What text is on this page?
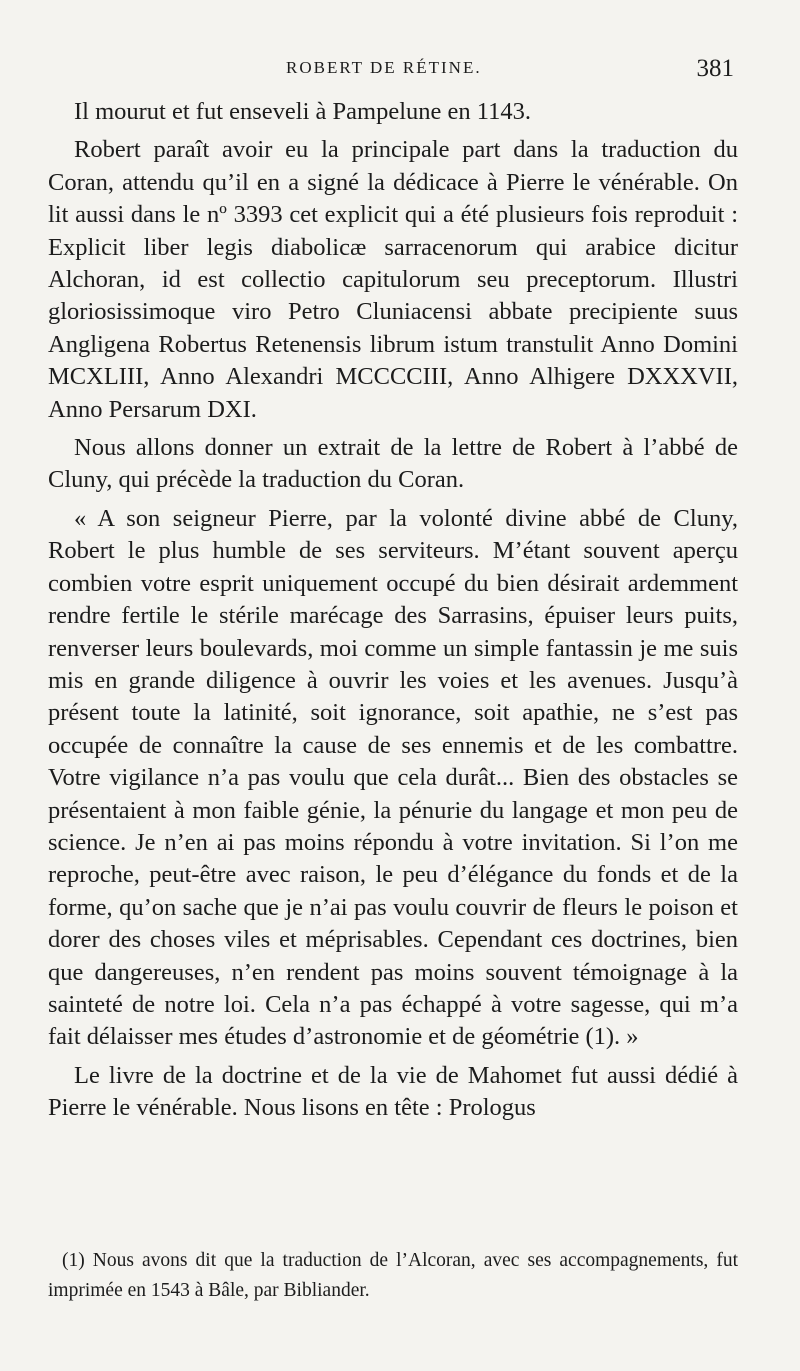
ROBERT DE RÉTINE.	381

Il mourut et fut enseveli à Pampelune en 1143.

Robert paraît avoir eu la principale part dans la traduction du Coran, attendu qu’il en a signé la dédicace à Pierre le vénérable. On lit aussi dans le nº 3393 cet explicit qui a été plusieurs fois reproduit : Explicit liber legis diabolicæ sarracenorum qui arabice dicitur Alchoran, id est collectio capitulorum seu preceptorum. Illustri gloriosissimoque viro Petro Cluniacensi abbate precipiente suus Angligena Robertus Retenensis librum istum transtulit Anno Domini MCXLIII, Anno Alexandri MCCCCIII, Anno Alhigere DXXXVII, Anno Persarum DXI.

Nous allons donner un extrait de la lettre de Robert à l’abbé de Cluny, qui précède la traduction du Coran.

« A son seigneur Pierre, par la volonté divine abbé de Cluny, Robert le plus humble de ses serviteurs. M’étant souvent aperçu combien votre esprit uniquement occupé du bien désirait ardemment rendre fertile le stérile marécage des Sarrasins, épuiser leurs puits, renverser leurs boulevards, moi comme un simple fantassin je me suis mis en grande diligence à ouvrir les voies et les avenues. Jusqu’à présent toute la latinité, soit ignorance, soit apathie, ne s’est pas occupée de connaître la cause de ses ennemis et de les combattre. Votre vigilance n’a pas voulu que cela durât... Bien des obstacles se présentaient à mon faible génie, la pénurie du langage et mon peu de science. Je n’en ai pas moins répondu à votre invitation. Si l’on me reproche, peut-être avec raison, le peu d’élégance du fonds et de la forme, qu’on sache que je n’ai pas voulu couvrir de fleurs le poison et dorer des choses viles et méprisables. Cependant ces doctrines, bien que dangereuses, n’en rendent pas moins souvent témoignage à la sainteté de notre loi. Cela n’a pas échappé à votre sagesse, qui m’a fait délaisser mes études d’astronomie et de géométrie (1). »

Le livre de la doctrine et de la vie de Mahomet fut aussi dédié à Pierre le vénérable. Nous lisons en tête : Prologus

(1) Nous avons dit que la traduction de l’Alcoran, avec ses accompagnements, fut imprimée en 1543 à Bâle, par Bibliander.
